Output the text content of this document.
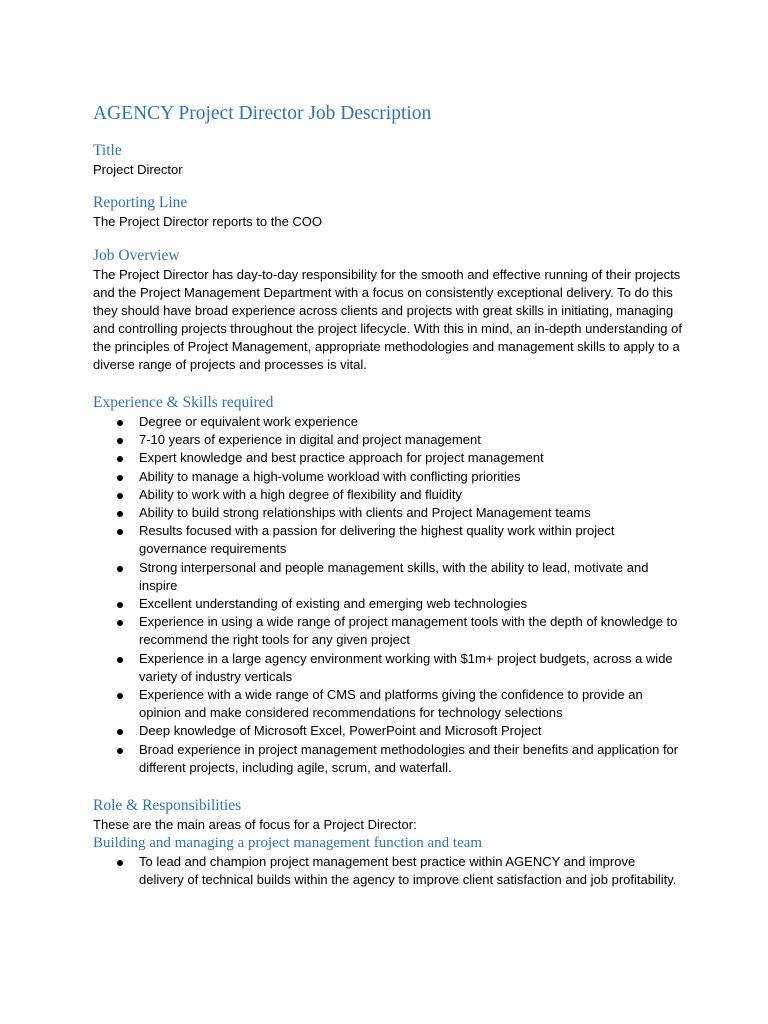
AGENCY Project Director Job Description
Title

Project Director

Reporting Line

The Project Director reports to the COO

Job Overview

The Project Director has day-to-day responsibility for the smooth and effective running of their projects and the Project Management Department with a focus on consistently exceptional delivery. To do this they should have broad experience across clients and projects with great skills in initiating, managing and controlling projects throughout the project lifecycle. With this in mind, an in-depth understanding of the principles of Project Management, appropriate methodologies and management skills to apply to a diverse range of projects and processes is vital.

Experience & Skills required
Degree or equivalent work experience
7-10 years of experience in digital and project management
Expert knowledge and best practice approach for project management
Ability to manage a high-volume workload with conflicting priorities
Ability to work with a high degree of flexibility and fluidity
Ability to build strong relationships with clients and Project Management teams
Results focused with a passion for delivering the highest quality work within project governance requirements
Strong interpersonal and people management skills, with the ability to lead, motivate and inspire
Excellent understanding of existing and emerging web technologies
Experience in using a wide range of project management tools with the depth of knowledge to recommend the right tools for any given project
Experience in a large agency environment working with $1m+ project budgets, across a wide variety of industry verticals
Experience with a wide range of CMS and platforms giving the confidence to provide an opinion and make considered recommendations for technology selections
Deep knowledge of Microsoft Excel, PowerPoint and Microsoft Project
Broad experience in project management methodologies and their benefits and application for different projects, including agile, scrum, and waterfall.
Role & Responsibilities

These are the main areas of focus for a Project Director:

Building and managing a project management function and team
To lead and champion project management best practice within AGENCY and improve delivery of technical builds within the agency to improve client satisfaction and job profitability.
